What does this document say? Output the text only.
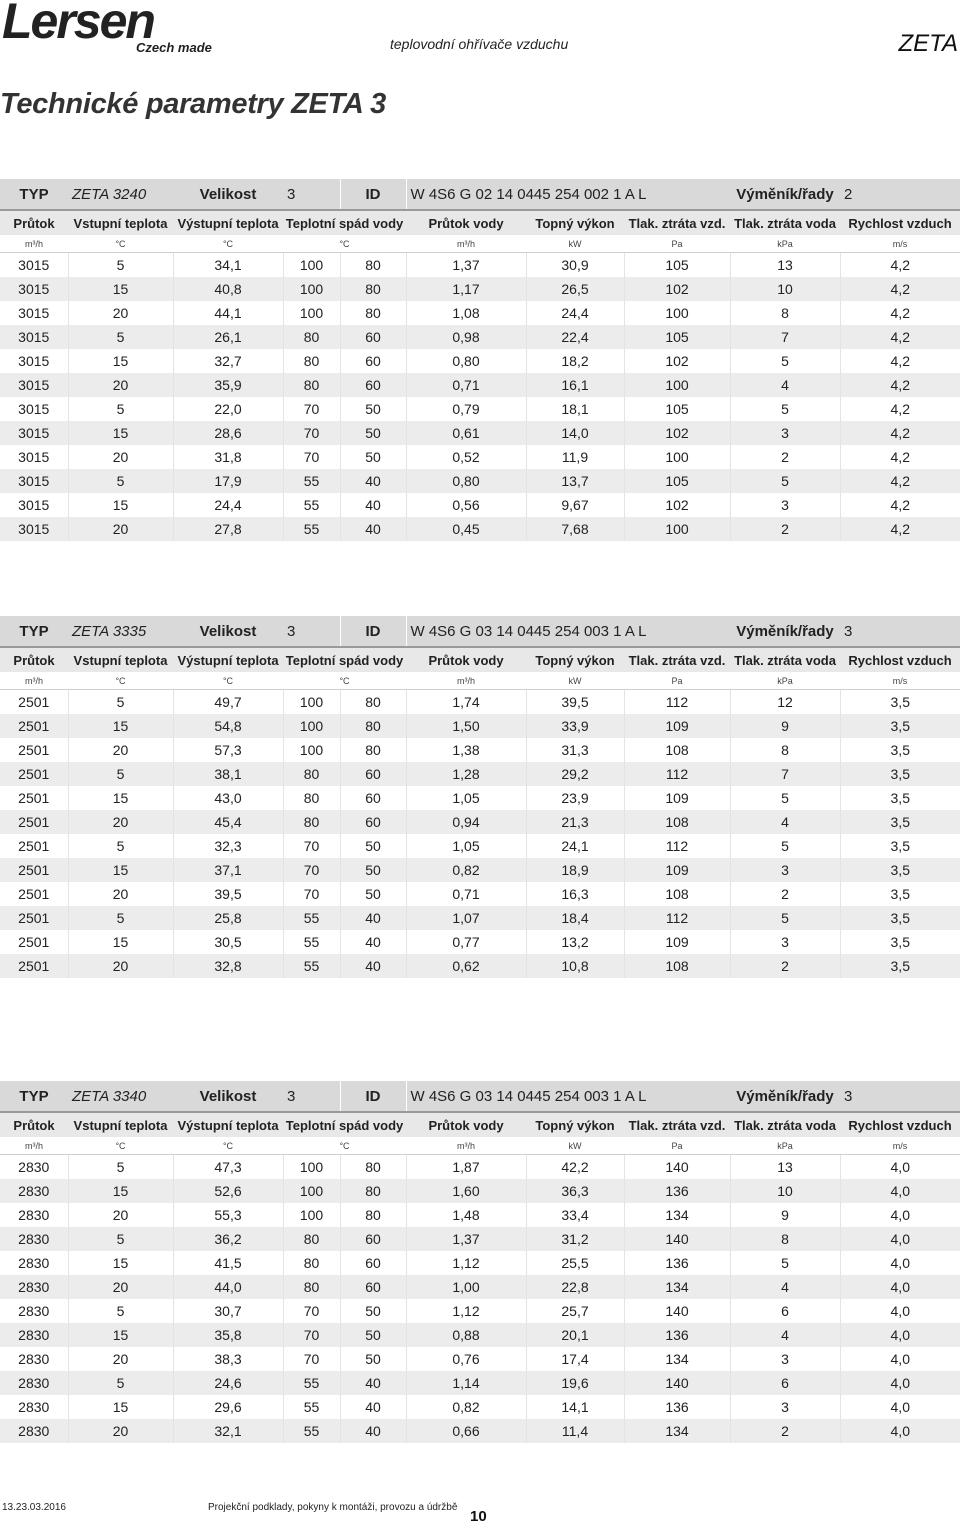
Lersen
Czech made	teplovodní ohřívače vzduchu	ZETA
Technické parametry ZETA 3
TYP	ZETA 3240	Velikost	3	ID	W 4S6 G 02 14 0445 254 002 1 A L			Výměník/řady	2
Průtok	Vstupní teplota	Výstupní teplota	Teplotní spád vody		Průtok vody	Topný výkon	Tlak. ztráta vzd.	Tlak. ztráta voda	Rychlost vzduch
m³/h	°C	°C	°C		m³/h	kW	Pa	kPa	m/s
3015	5	34,1	100	80	1,37	30,9	105	13	4,2
3015	15	40,8	100	80	1,17	26,5	102	10	4,2
3015	20	44,1	100	80	1,08	24,4	100	8	4,2
3015	5	26,1	80	60	0,98	22,4	105	7	4,2
3015	15	32,7	80	60	0,80	18,2	102	5	4,2
3015	20	35,9	80	60	0,71	16,1	100	4	4,2
3015	5	22,0	70	50	0,79	18,1	105	5	4,2
3015	15	28,6	70	50	0,61	14,0	102	3	4,2
3015	20	31,8	70	50	0,52	11,9	100	2	4,2
3015	5	17,9	55	40	0,80	13,7	105	5	4,2
3015	15	24,4	55	40	0,56	9,67	102	3	4,2
3015	20	27,8	55	40	0,45	7,68	100	2	4,2
TYP	ZETA 3335	Velikost	3	ID	W 4S6 G 03 14 0445 254 003 1 A L			Výměník/řady	3
Průtok	Vstupní teplota	Výstupní teplota	Teplotní spád vody		Průtok vody	Topný výkon	Tlak. ztráta vzd.	Tlak. ztráta voda	Rychlost vzduch
m³/h	°C	°C	°C		m³/h	kW	Pa	kPa	m/s
2501	5	49,7	100	80	1,74	39,5	112	12	3,5
2501	15	54,8	100	80	1,50	33,9	109	9	3,5
2501	20	57,3	100	80	1,38	31,3	108	8	3,5
2501	5	38,1	80	60	1,28	29,2	112	7	3,5
2501	15	43,0	80	60	1,05	23,9	109	5	3,5
2501	20	45,4	80	60	0,94	21,3	108	4	3,5
2501	5	32,3	70	50	1,05	24,1	112	5	3,5
2501	15	37,1	70	50	0,82	18,9	109	3	3,5
2501	20	39,5	70	50	0,71	16,3	108	2	3,5
2501	5	25,8	55	40	1,07	18,4	112	5	3,5
2501	15	30,5	55	40	0,77	13,2	109	3	3,5
2501	20	32,8	55	40	0,62	10,8	108	2	3,5
TYP	ZETA 3340	Velikost	3	ID	W 4S6 G 03 14 0445 254 003 1 A L			Výměník/řady	3
Průtok	Vstupní teplota	Výstupní teplota	Teplotní spád vody		Průtok vody	Topný výkon	Tlak. ztráta vzd.	Tlak. ztráta voda	Rychlost vzduch
m³/h	°C	°C	°C		m³/h	kW	Pa	kPa	m/s
2830	5	47,3	100	80	1,87	42,2	140	13	4,0
2830	15	52,6	100	80	1,60	36,3	136	10	4,0
2830	20	55,3	100	80	1,48	33,4	134	9	4,0
2830	5	36,2	80	60	1,37	31,2	140	8	4,0
2830	15	41,5	80	60	1,12	25,5	136	5	4,0
2830	20	44,0	80	60	1,00	22,8	134	4	4,0
2830	5	30,7	70	50	1,12	25,7	140	6	4,0
2830	15	35,8	70	50	0,88	20,1	136	4	4,0
2830	20	38,3	70	50	0,76	17,4	134	3	4,0
2830	5	24,6	55	40	1,14	19,6	140	6	4,0
2830	15	29,6	55	40	0,82	14,1	136	3	4,0
2830	20	32,1	55	40	0,66	11,4	134	2	4,0
13.23.03.2016	Projekční podklady, pokyny k montáži, provozu a údržbě
10
